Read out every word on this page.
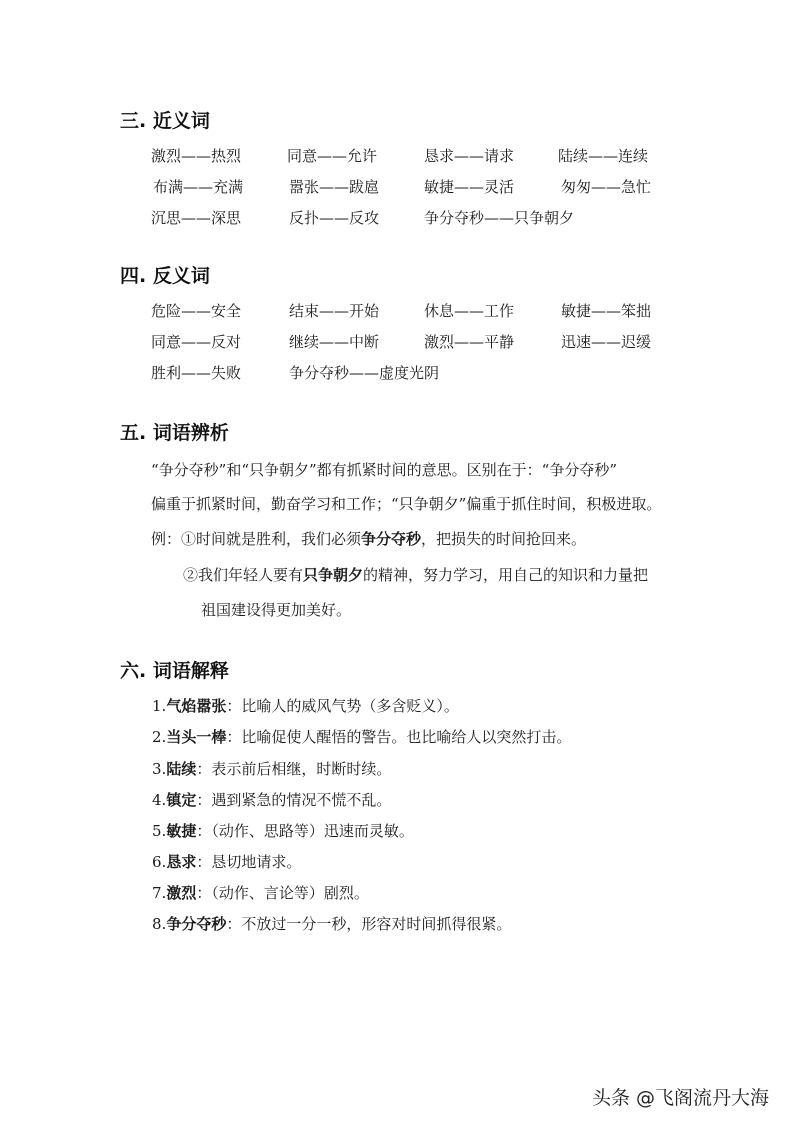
三. 近义词
激烈——热烈	同意——允许	恳求——请求	陆续——连续
布满——充满	嚣张——跋扈	敏捷——灵活	匆匆——急忙
沉思——深思	反扑——反攻	争分夺秒——只争朝夕
四. 反义词
危险——安全	结束——开始	休息——工作	敏捷——笨拙
同意——反对	继续——中断	激烈——平静	迅速——迟缓
胜利——失败	争分夺秒——虚度光阴
五. 词语辨析
“争分夺秒”和“只争朝夕”都有抓紧时间的意思。区别在于：“争分夺秒”
偏重于抓紧时间，勤奋学习和工作；“只争朝夕”偏重于抓住时间，积极进取。
例：①时间就是胜利，我们必须争分夺秒，把损失的时间抢回来。
②我们年轻人要有只争朝夕的精神，努力学习，用自己的知识和力量把
祖国建设得更加美好。
六. 词语解释
1.气焰嚣张：比喻人的威风气势（多含贬义）。
2.当头一棒：比喻促使人醒悟的警告。也比喻给人以突然打击。
3.陆续：表示前后相继，时断时续。
4.镇定：遇到紧急的情况不慌不乱。
5.敏捷：（动作、思路等）迅速而灵敏。
6.恳求：恳切地请求。
7.激烈：（动作、言论等）剧烈。
8.争分夺秒：不放过一分一秒，形容对时间抓得很紧。
头条 @飞阁流丹大海
